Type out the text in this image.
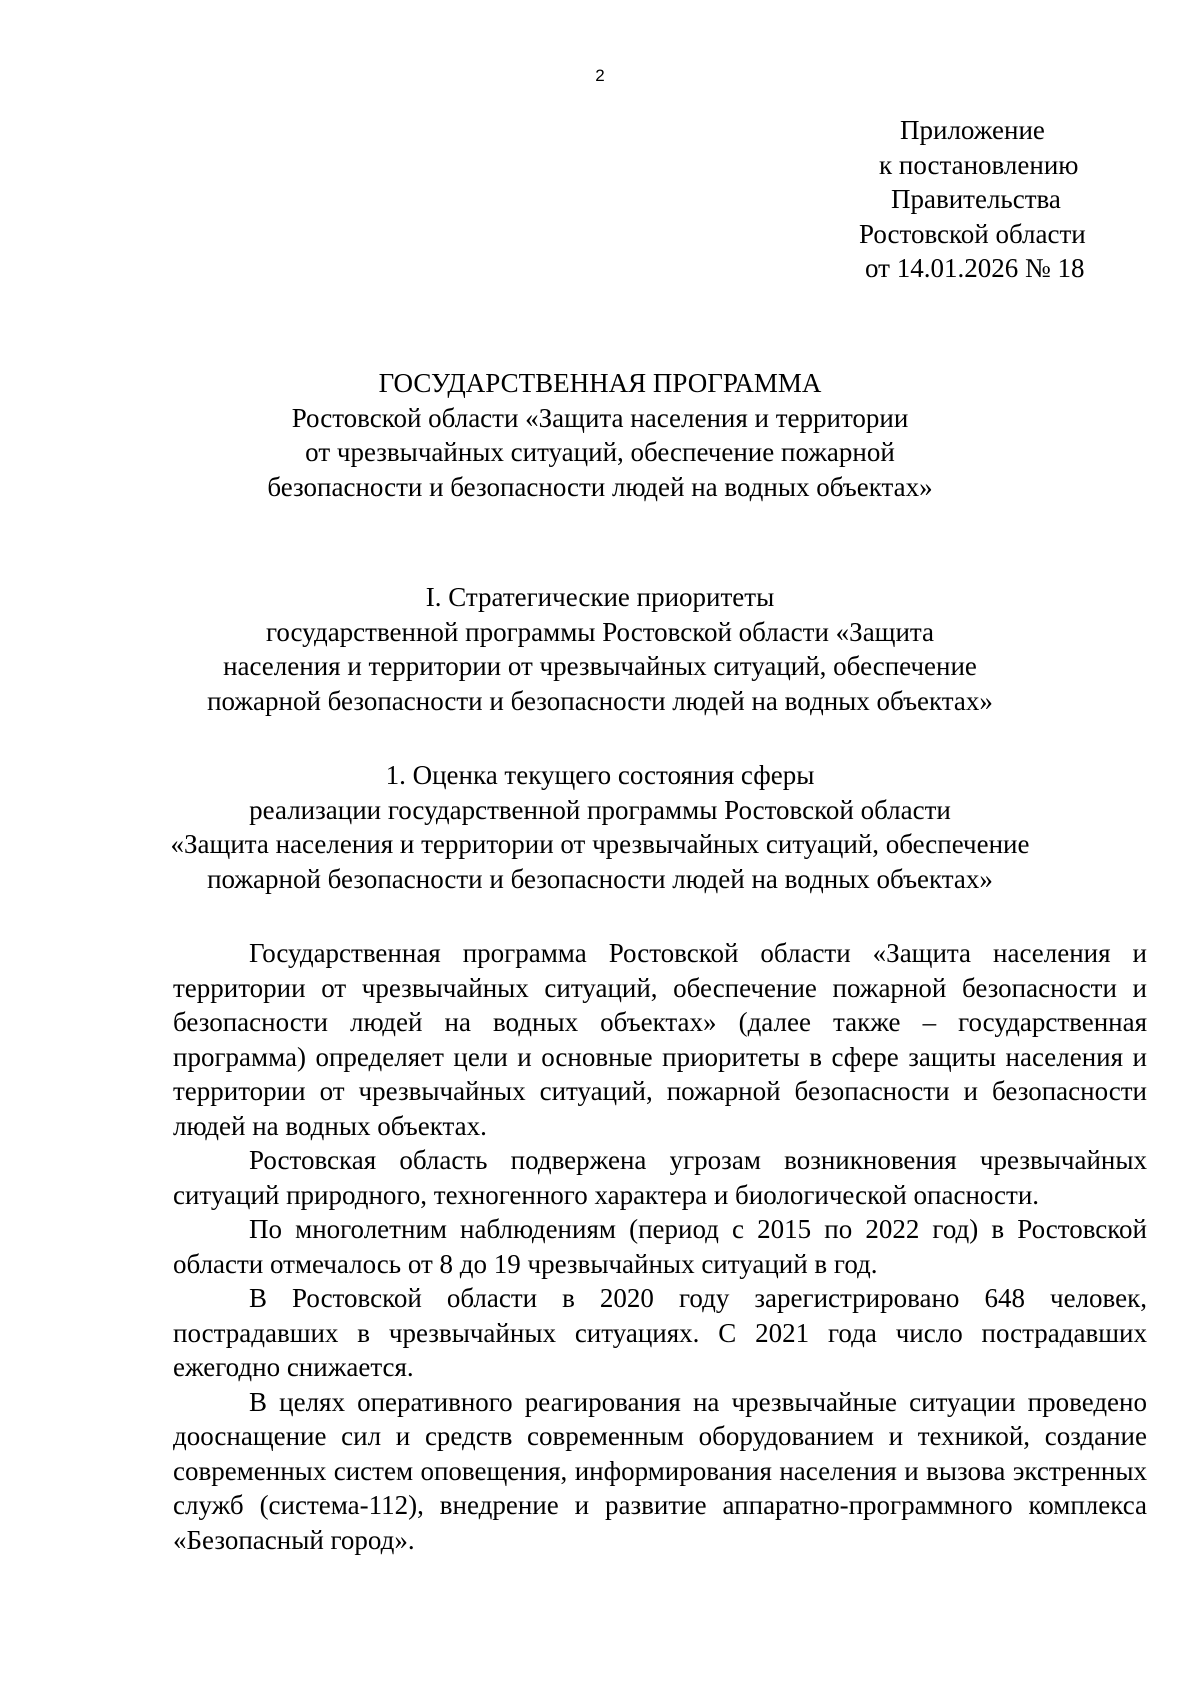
2
Приложение
к постановлению
Правительства
Ростовской области
от 14.01.2026 № 18
ГОСУДАРСТВЕННАЯ ПРОГРАММА
Ростовской области «Защита населения и территории
от чрезвычайных ситуаций, обеспечение пожарной
безопасности и безопасности людей на водных объектах»
I. Стратегические приоритеты
государственной программы Ростовской области «Защита
населения и территории от чрезвычайных ситуаций, обеспечение
пожарной безопасности и безопасности людей на водных объектах»
1. Оценка текущего состояния сферы
реализации государственной программы Ростовской области
«Защита населения и территории от чрезвычайных ситуаций, обеспечение
пожарной безопасности и безопасности людей на водных объектах»

Государственная программа Ростовской области «Защита населения и территории от чрезвычайных ситуаций, обеспечение пожарной безопасности и безопасности людей на водных объектах» (далее также – государственная программа) определяет цели и основные приоритеты в сфере защиты населения и территории от чрезвычайных ситуаций, пожарной безопасности и безопасности людей на водных объектах.

Ростовская область подвержена угрозам возникновения чрезвычайных ситуаций природного, техногенного характера и биологической опасности.

По многолетним наблюдениям (период с 2015 по 2022 год) в Ростовской области отмечалось от 8 до 19 чрезвычайных ситуаций в год.

В Ростовской области в 2020 году зарегистрировано 648 человек, пострадавших в чрезвычайных ситуациях. С 2021 года число пострадавших ежегодно снижается.

В целях оперативного реагирования на чрезвычайные ситуации проведено дооснащение сил и средств современным оборудованием и техникой, создание современных систем оповещения, информирования населения и вызова экстренных служб (система-112), внедрение и развитие аппаратно-программного комплекса «Безопасный город».
